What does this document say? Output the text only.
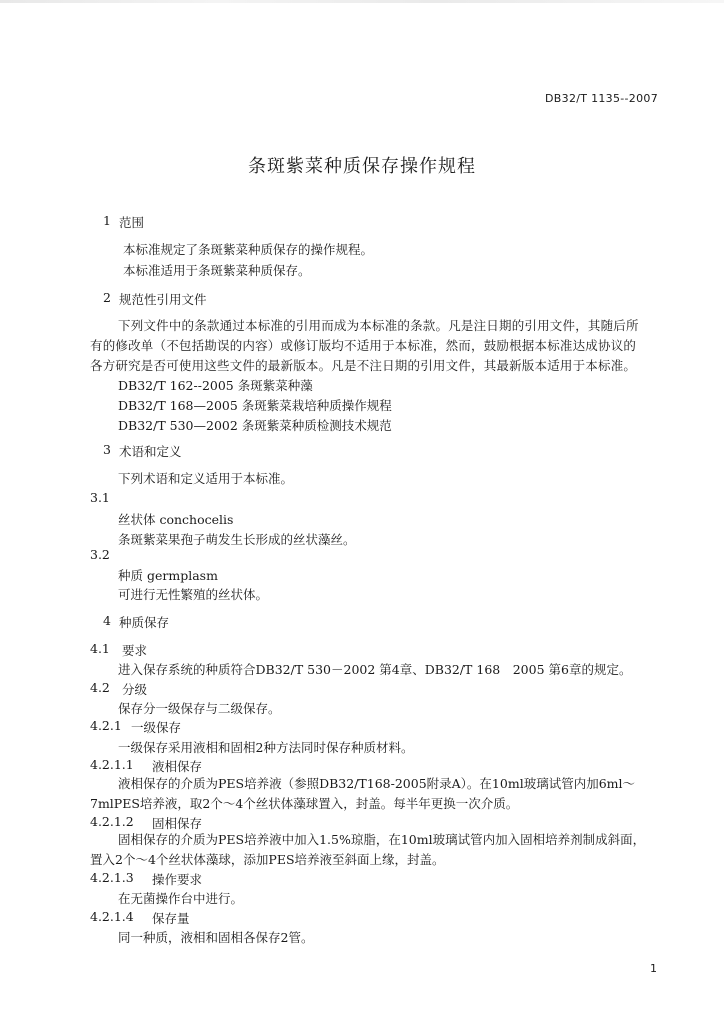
DB32/T 1135--2007
条斑紫菜种质保存操作规程
1 范围

本标准规定了条斑紫菜种质保存的操作规程。

本标准适用于条斑紫菜种质保存。

2 规范性引用文件

下列文件中的条款通过本标准的引用而成为本标准的条款。凡是注日期的引用文件，其随后所有的修改单（不包括勘误的内容）或修订版均不适用于本标准，然而，鼓励根据本标准达成协议的各方研究是否可使用这些文件的最新版本。凡是不注日期的引用文件，其最新版本适用于本标准。

DB32/T 162--2005 条斑紫菜种藻

DB32/T 168—2005 条斑紫菜栽培种质操作规程

DB32/T 530—2002 条斑紫菜种质检测技术规范

3 术语和定义

下列术语和定义适用于本标准。

3.1

丝状体 conchocelis

条斑紫菜果孢子萌发生长形成的丝状藻丝。

3.2

种质 germplasm

可进行无性繁殖的丝状体。

4 种质保存
4.1 要求

进入保存系统的种质符合DB32/T 530－2002 第4章、DB32/T 168　2005 第6章的规定。

4.2 分级

保存分一级保存与二级保存。

4.2.1 一级保存

一级保存采用液相和固相2种方法同时保存种质材料。

4.2.1.1 液相保存

液相保存的介质为PES培养液（参照DB32/T168-2005附录A）。在10ml玻璃试管内加6ml～7mlPES培养液，取2个～4个丝状体藻球置入，封盖。每半年更换一次介质。

4.2.1.2 固相保存

固相保存的介质为PES培养液中加入1.5%琼脂，在10ml玻璃试管内加入固相培养剂制成斜面，置入2个～4个丝状体藻球，添加PES培养液至斜面上缘，封盖。

4.2.1.3 操作要求

在无菌操作台中进行。

4.2.1.4 保存量

同一种质，液相和固相各保存2管。

1
